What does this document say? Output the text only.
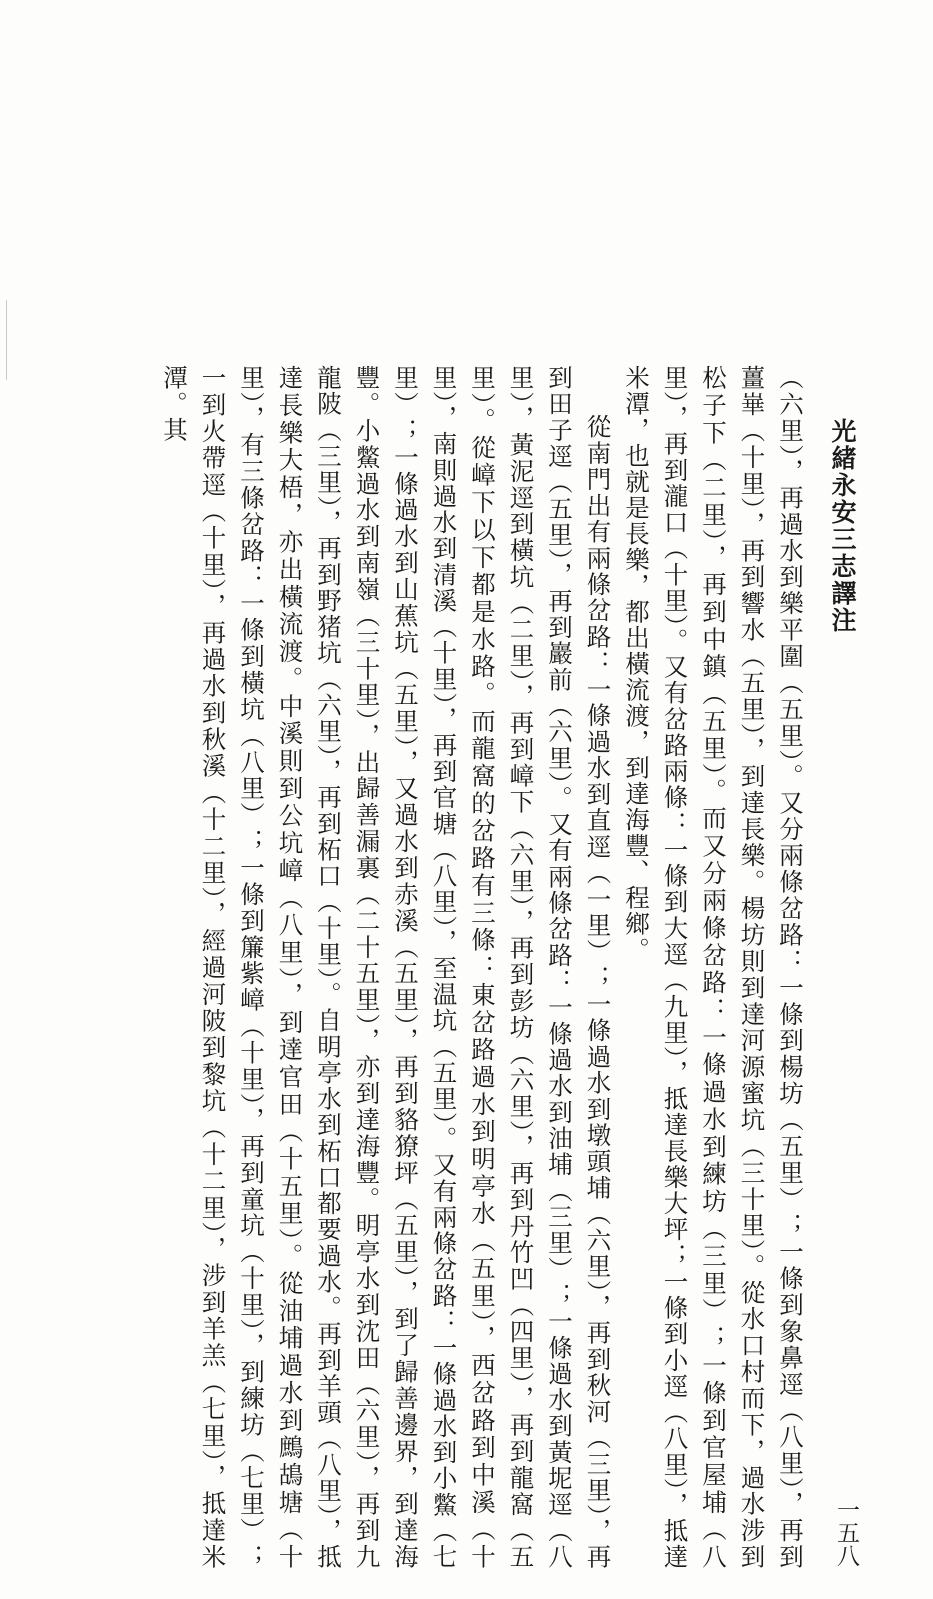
光緒永安三志譯注
一五八

（六里），再過水到樂平圍（五里）。又分兩條岔路：一條到楊坊（五里）；一條到象鼻逕（八里），再到薑崋（十里），再到響水（五里），到達長樂。楊坊則到達河源蜜坑（三十里）。從水口村而下，過水涉到松子下（二里），再到中鎮（五里）。而又分兩條岔路：一條過水到練坊（三里）；一條到官屋埔（八里），再到瀧口（十里）。又有岔路兩條：一條到大逕（九里），抵達長樂大坪；一條到小逕（八里），抵達米潭，也就是長樂，都出橫流渡，到達海豐、程鄉。

從南門出有兩條岔路：一條過水到直逕（一里）；一條過水到墩頭埔（六里），再到秋河（三里），再到田子逕（五里），再到巖前（六里）。又有兩條岔路：一條過水到油埔（三里）；一條過水到黃坭逕（八里），黃泥逕到橫坑（二里），再到嶂下（六里），再到彭坊（六里），再到丹竹凹（四里），再到龍窩（五里）。從嶂下以下都是水路。而龍窩的岔路有三條：東岔路過水到明亭水（五里），西岔路到中溪（十里），南則過水到清溪（十里），再到官塘（八里），至温坑（五里）。又有兩條岔路：一條過水到小鱉（七里）；一條過水到山蕉坑（五里），又過水到赤溪（五里），再到貉獠坪（五里），到了歸善邊界，到達海豐。小鱉過水到南嶺（三十里），出歸善漏裏（二十五里），亦到達海豐。明亭水到沈田（六里），再到九龍陂（三里），再到野猪坑（六里），再到柘口（十里）。自明亭水到柘口都要過水。再到羊頭（八里），抵達長樂大梧，亦出橫流渡。中溪則到公坑嶂（八里），到達官田（十五里）。從油埔過水到鷓鴣塘（十里），有三條岔路：一條到橫坑（八里）；一條到簾紫嶂（十里），再到童坑（十里），到練坊（七里）；一到火帶逕（十里），再過水到秋溪（十二里），經過河陂到黎坑（十二里），涉到羊羔（七里），抵達米潭。其
